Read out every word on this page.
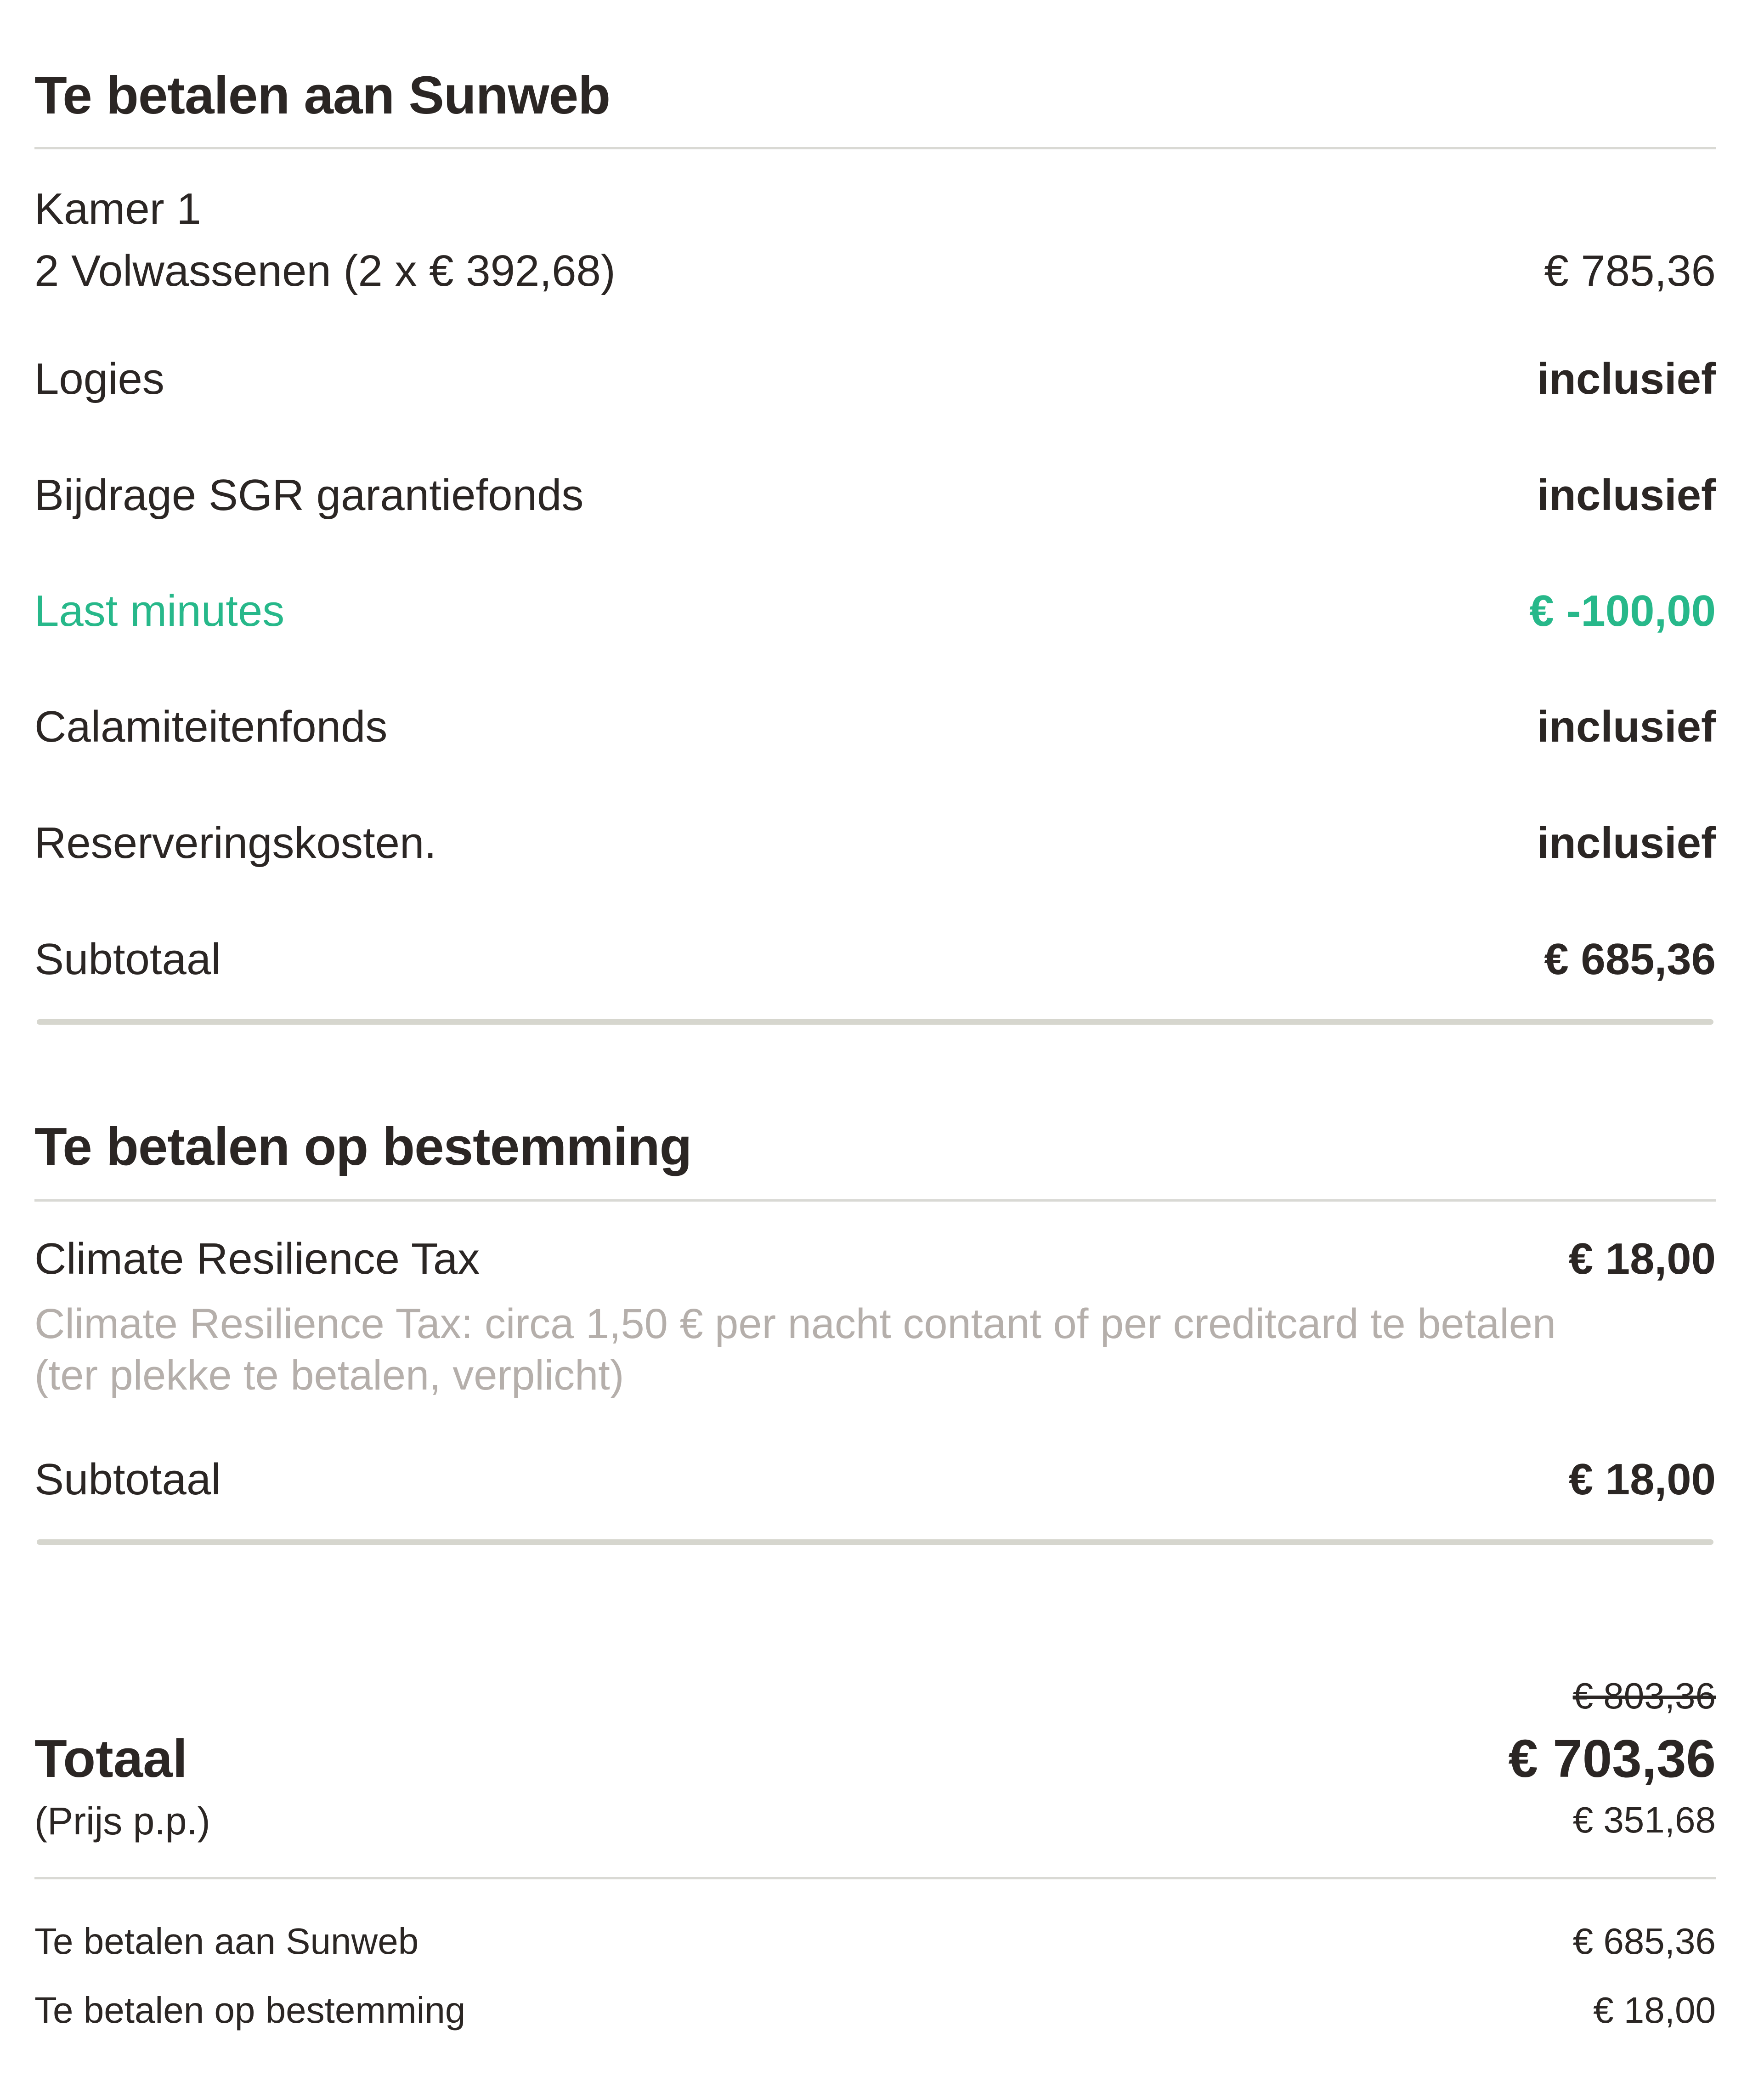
Te betalen aan Sunweb
Kamer 1
2 Volwassenen (2 x € 392,68)	€ 785,36
Logies	inclusief
Bijdrage SGR garantiefonds	inclusief
Last minutes	€ -100,00
Calamiteitenfonds	inclusief
Reserveringskosten.	inclusief
Subtotaal	€ 685,36
Te betalen op bestemming
Climate Resilience Tax	€ 18,00
Climate Resilience Tax: circa 1,50 € per nacht contant of per creditcard te betalen (ter plekke te betalen, verplicht)
Subtotaal	€ 18,00
€ 803,36
Totaal	€ 703,36
(Prijs p.p.)	€ 351,68
Te betalen aan Sunweb	€ 685,36
Te betalen op bestemming	€ 18,00
